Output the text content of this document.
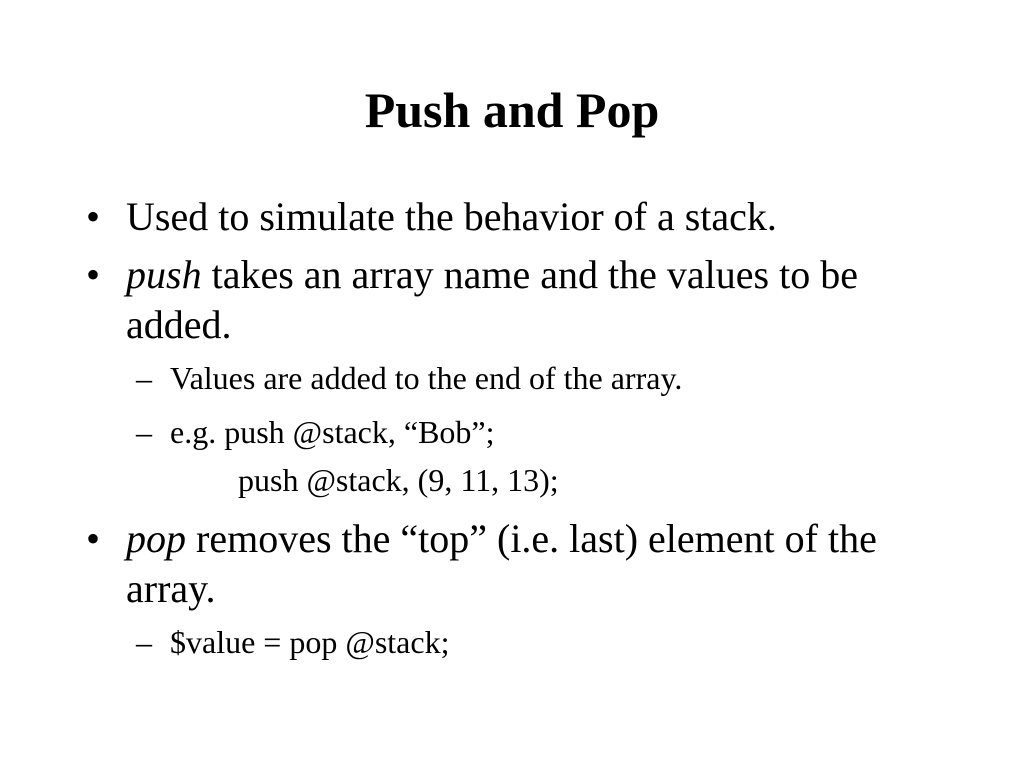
Push and Pop
• Used to simulate the behavior of a stack.
• push takes an array name and the values to be added.
– Values are added to the end of the array.
– e.g. push @stack, “Bob”;
push @stack, (9, 11, 13);
• pop removes the “top” (i.e. last) element of the array.
– $value = pop @stack;
